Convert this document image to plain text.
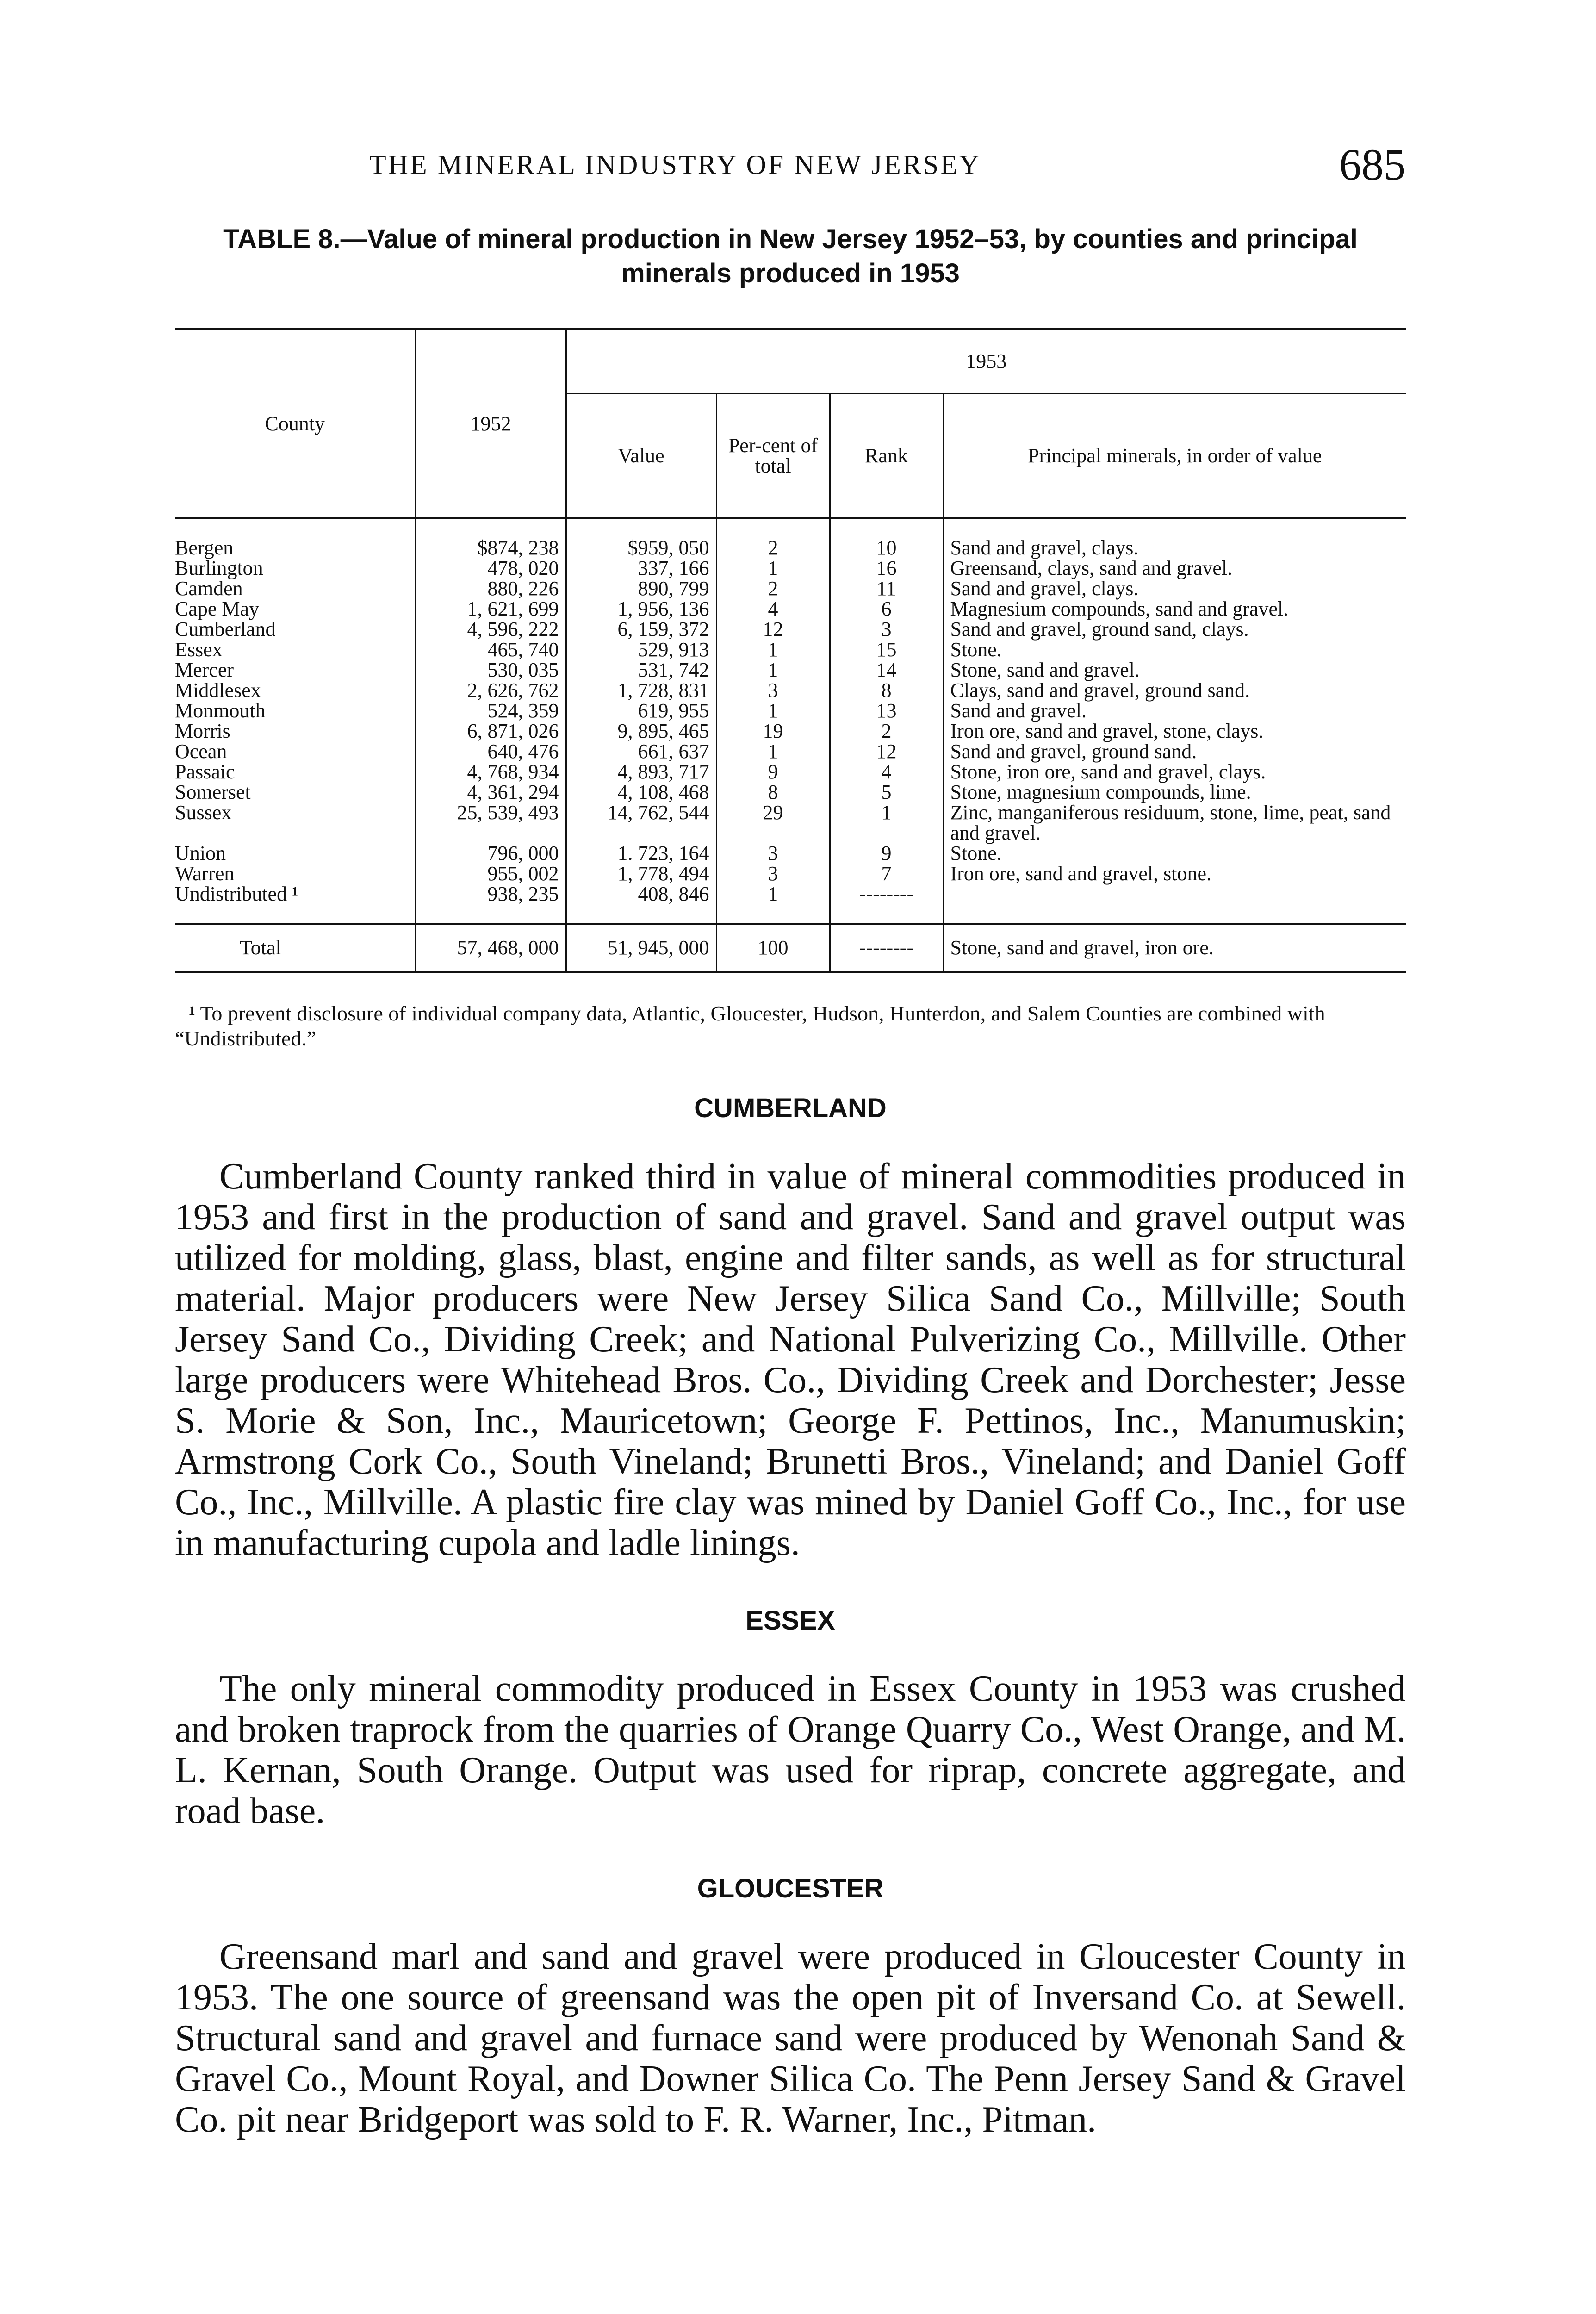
THE MINERAL INDUSTRY OF NEW JERSEY	685
TABLE 8.—Value of mineral production in New Jersey 1952–53, by counties and principal minerals produced in 1953
County	1952	1953			
		Value	Per-cent of total	Rank	Principal minerals, in order of value

Bergen	$874, 238	$959, 050	2	10	Sand and gravel, clays.
Burlington	478, 020	337, 166	1	16	Greensand, clays, sand and gravel.
Camden	880, 226	890, 799	2	11	Sand and gravel, clays.
Cape May	1, 621, 699	1, 956, 136	4	6	Magnesium compounds, sand and gravel.
Cumberland	4, 596, 222	6, 159, 372	12	3	Sand and gravel, ground sand, clays.
Essex	465, 740	529, 913	1	15	Stone.
Mercer	530, 035	531, 742	1	14	Stone, sand and gravel.
Middlesex	2, 626, 762	1, 728, 831	3	8	Clays, sand and gravel, ground sand.
Monmouth	524, 359	619, 955	1	13	Sand and gravel.
Morris	6, 871, 026	9, 895, 465	19	2	Iron ore, sand and gravel, stone, clays.
Ocean	640, 476	661, 637	1	12	Sand and gravel, ground sand.
Passaic	4, 768, 934	4, 893, 717	9	4	Stone, iron ore, sand and gravel, clays.
Somerset	4, 361, 294	4, 108, 468	8	5	Stone, magnesium compounds, lime.
Sussex	25, 539, 493	14, 762, 544	29	1	Zinc, manganiferous residuum, stone, lime, peat, sand and gravel.
Union	796, 000	1. 723, 164	3	9	Stone.
Warren	955, 002	1, 778, 494	3	7	Iron ore, sand and gravel, stone.
Undistributed ¹	938, 235	408, 846	1	--------	

Total	57, 468, 000	51, 945, 000	100	--------	Stone, sand and gravel, iron ore.
¹ To prevent disclosure of individual company data, Atlantic, Gloucester, Hudson, Hunterdon, and Salem Counties are combined with “Undistributed.”
CUMBERLAND

Cumberland County ranked third in value of mineral commodities produced in 1953 and first in the production of sand and gravel. Sand and gravel output was utilized for molding, glass, blast, engine and filter sands, as well as for structural material. Major producers were New Jersey Silica Sand Co., Millville; South Jersey Sand Co., Dividing Creek; and National Pulverizing Co., Millville. Other large producers were Whitehead Bros. Co., Dividing Creek and Dorchester; Jesse S. Morie & Son, Inc., Mauricetown; George F. Pettinos, Inc., Manumuskin; Armstrong Cork Co., South Vineland; Brunetti Bros., Vineland; and Daniel Goff Co., Inc., Millville. A plastic fire clay was mined by Daniel Goff Co., Inc., for use in manufacturing cupola and ladle linings.

ESSEX

The only mineral commodity produced in Essex County in 1953 was crushed and broken traprock from the quarries of Orange Quarry Co., West Orange, and M. L. Kernan, South Orange. Output was used for riprap, concrete aggregate, and road base.

GLOUCESTER

Greensand marl and sand and gravel were produced in Gloucester County in 1953. The one source of greensand was the open pit of Inversand Co. at Sewell. Structural sand and gravel and furnace sand were produced by Wenonah Sand & Gravel Co., Mount Royal, and Downer Silica Co. The Penn Jersey Sand & Gravel Co. pit near Bridgeport was sold to F. R. Warner, Inc., Pitman.
